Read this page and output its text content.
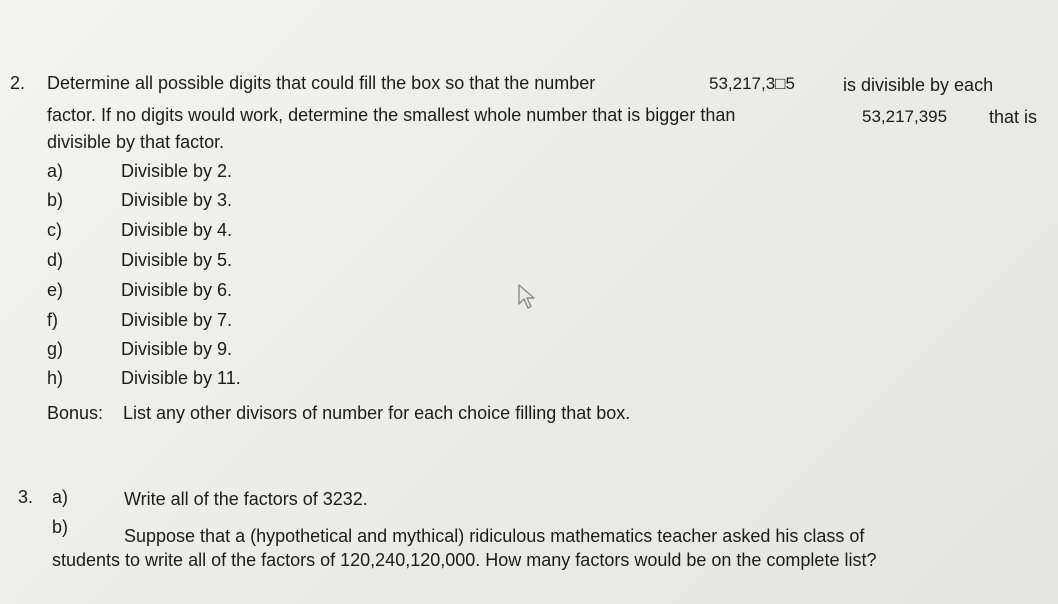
2. Determine all possible digits that could fill the box so that the number	53,217,3□5	is divisible by each
factor. If no digits would work, determine the smallest whole number that is bigger than	53,217,395 that is
divisible by that factor.
a)	Divisible by 2.
b)	Divisible by 3.
c)	Divisible by 4.
d)	Divisible by 5.
e)	Divisible by 6.
f)	Divisible by 7.
g)	Divisible by 9.
h)	Divisible by 11.
Bonus: List any other divisors of number for each choice filling that box.
3. a)	Write all of the factors of 3232.
b)	Suppose that a (hypothetical and mythical) ridiculous mathematics teacher asked his class of
students to write all of the factors of 120,240,120,000. How many factors would be on the complete list?
